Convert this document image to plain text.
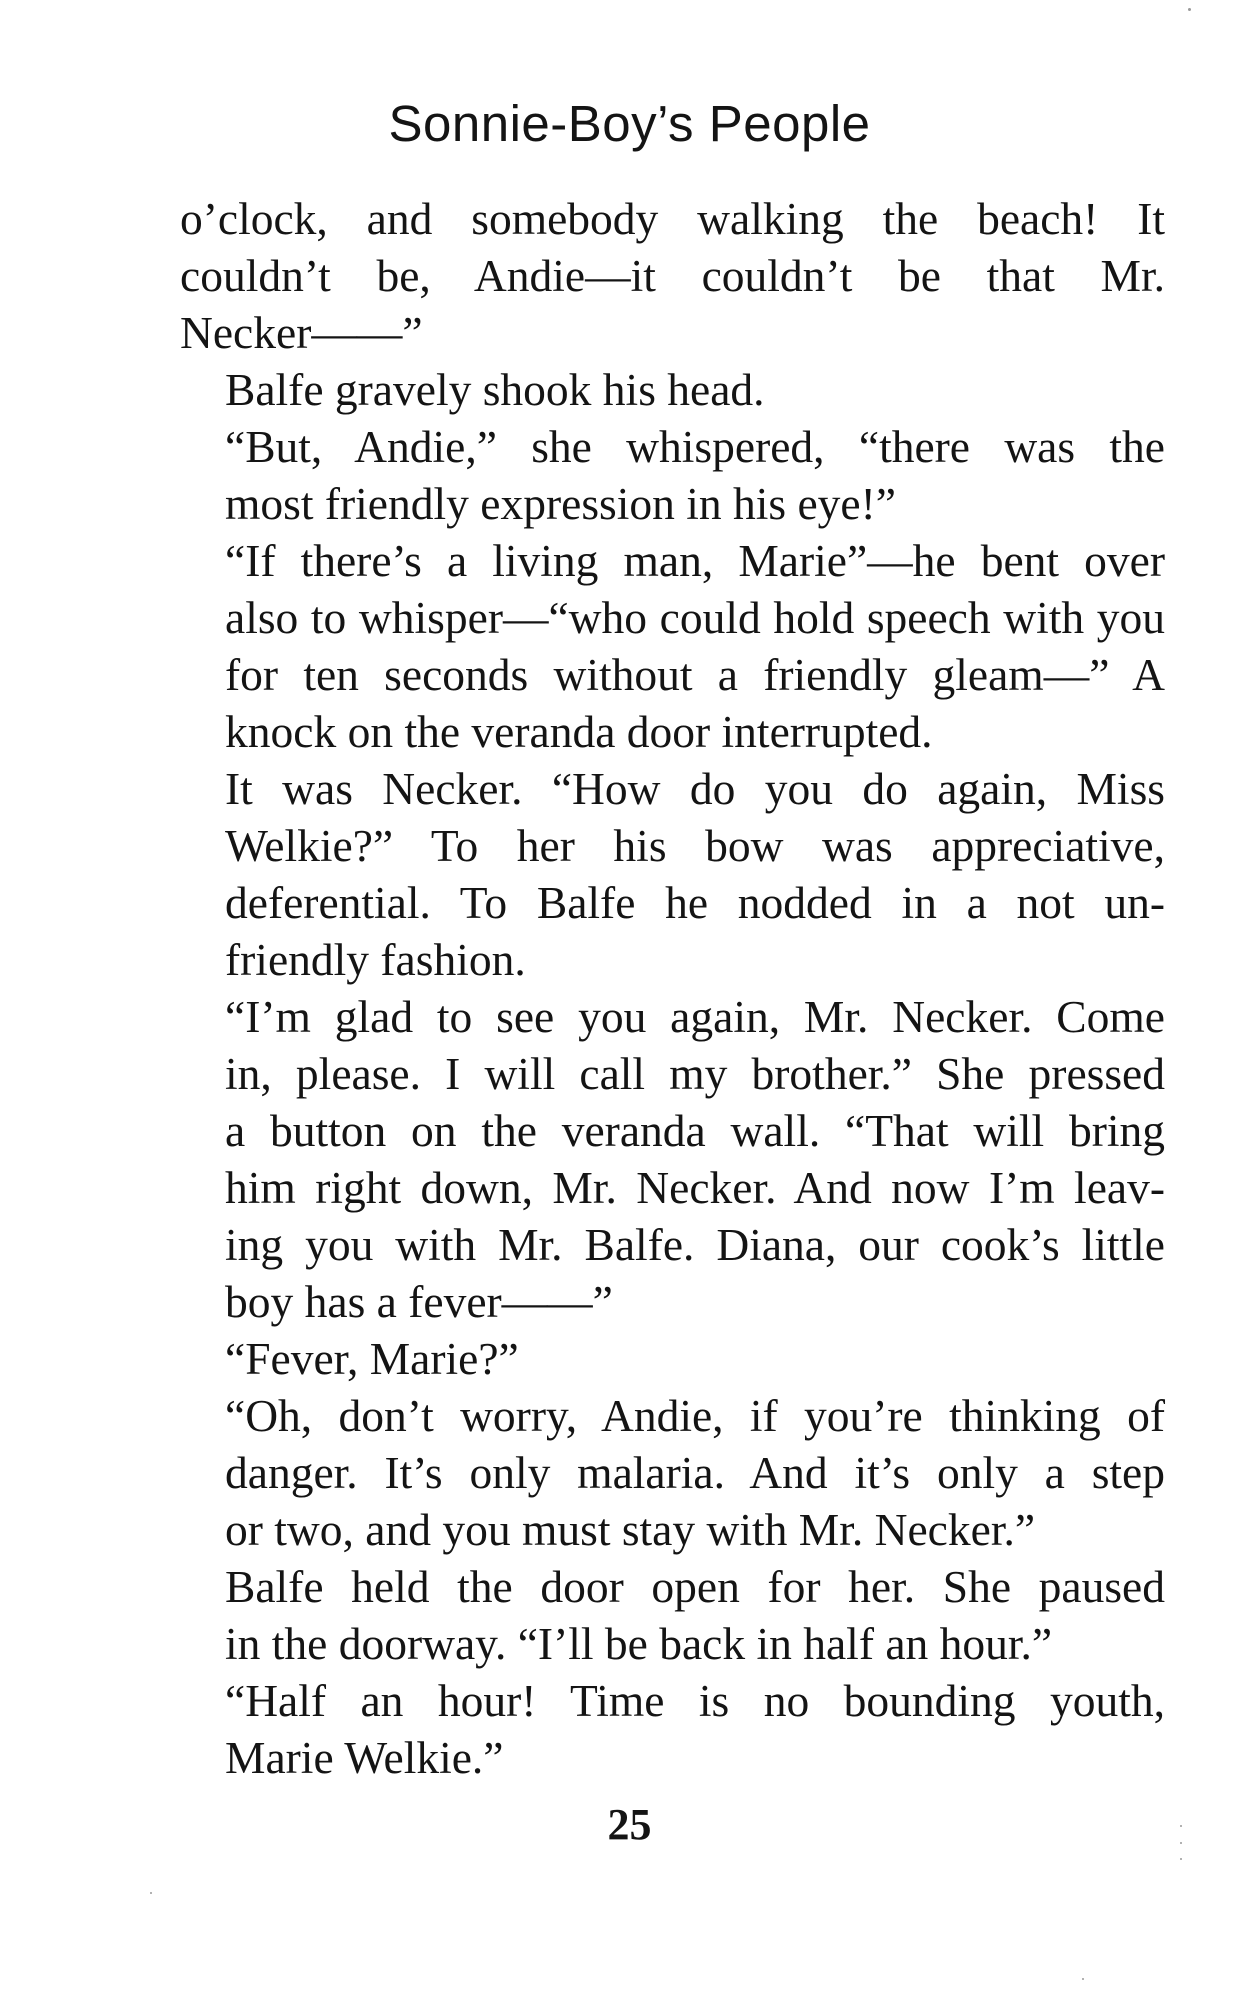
Sonnie-Boy’s People

o’clock, and somebody walking the beach! It
couldn’t be, Andie—it couldn’t be that Mr.
Necker——”

Balfe gravely shook his head.

“But, Andie,” she whispered, “there was the
most friendly expression in his eye!”

“If there’s a living man, Marie”—he bent over
also to whisper—“who could hold speech with you
for ten seconds without a friendly gleam—” A
knock on the veranda door interrupted.

It was Necker. “How do you do again, Miss
Welkie?” To her his bow was appreciative,
deferential. To Balfe he nodded in a not un-
friendly fashion.

“I’m glad to see you again, Mr. Necker. Come
in, please. I will call my brother.” She pressed
a button on the veranda wall. “That will bring
him right down, Mr. Necker. And now I’m leav-
ing you with Mr. Balfe. Diana, our cook’s little
boy has a fever——”

“Fever, Marie?”

“Oh, don’t worry, Andie, if you’re thinking of
danger. It’s only malaria. And it’s only a step
or two, and you must stay with Mr. Necker.”

Balfe held the door open for her. She paused
in the doorway. “I’ll be back in half an hour.”

“Half an hour! Time is no bounding youth,
Marie Welkie.”

25
